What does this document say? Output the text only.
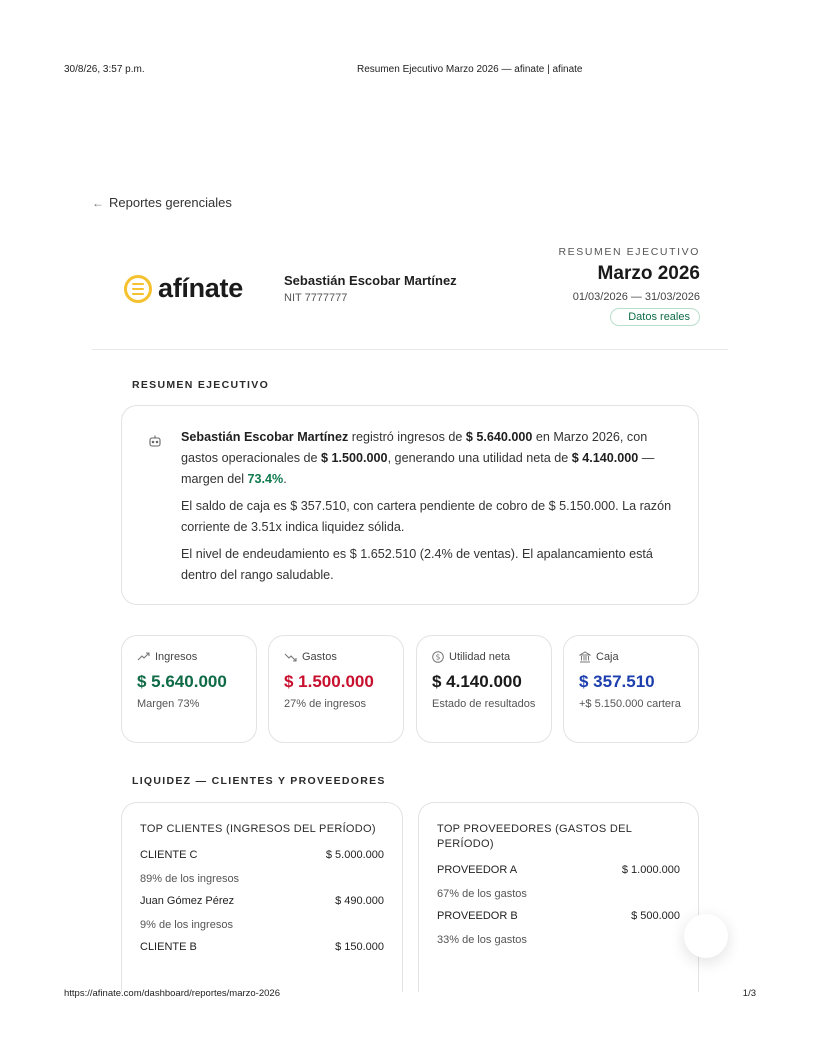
30/8/26, 3:57 p.m.	Resumen Ejecutivo Marzo 2026 — afinate | afinate
← Reportes gerenciales
afínate	Sebastián Escobar Martínez
NIT 7777777
RESUMEN EJECUTIVO
Marzo 2026
01/03/2026 — 31/03/2026
Datos reales
RESUMEN EJECUTIVO

Sebastián Escobar Martínez registró ingresos de $ 5.640.000 en Marzo 2026, con gastos operacionales de $ 1.500.000, generando una utilidad neta de $ 4.140.000 — margen del 73.4%.

El saldo de caja es $ 357.510, con cartera pendiente de cobro de $ 5.150.000. La razón corriente de 3.51x indica liquidez sólida.

El nivel de endeudamiento es $ 1.652.510 (2.4% de ventas). El apalancamiento está dentro del rango saludable.

Ingresos
$ 5.640.000
Margen 73%
Gastos
$ 1.500.000
27% de ingresos
$ Utilidad neta
$ 4.140.000
Estado de resultados
Caja
$ 357.510
+$ 5.150.000 cartera
LIQUIDEZ — CLIENTES Y PROVEEDORES
TOP CLIENTES (INGRESOS DEL PERÍODO)
CLIENTE C	$ 5.000.000
89% de los ingresos
Juan Gómez Pérez	$ 490.000
9% de los ingresos
CLIENTE B	$ 150.000
TOP PROVEEDORES (GASTOS DEL PERÍODO)
PROVEEDOR A	$ 1.000.000
67% de los gastos
PROVEEDOR B	$ 500.000
33% de los gastos
https://afinate.com/dashboard/reportes/marzo-2026	1/3
